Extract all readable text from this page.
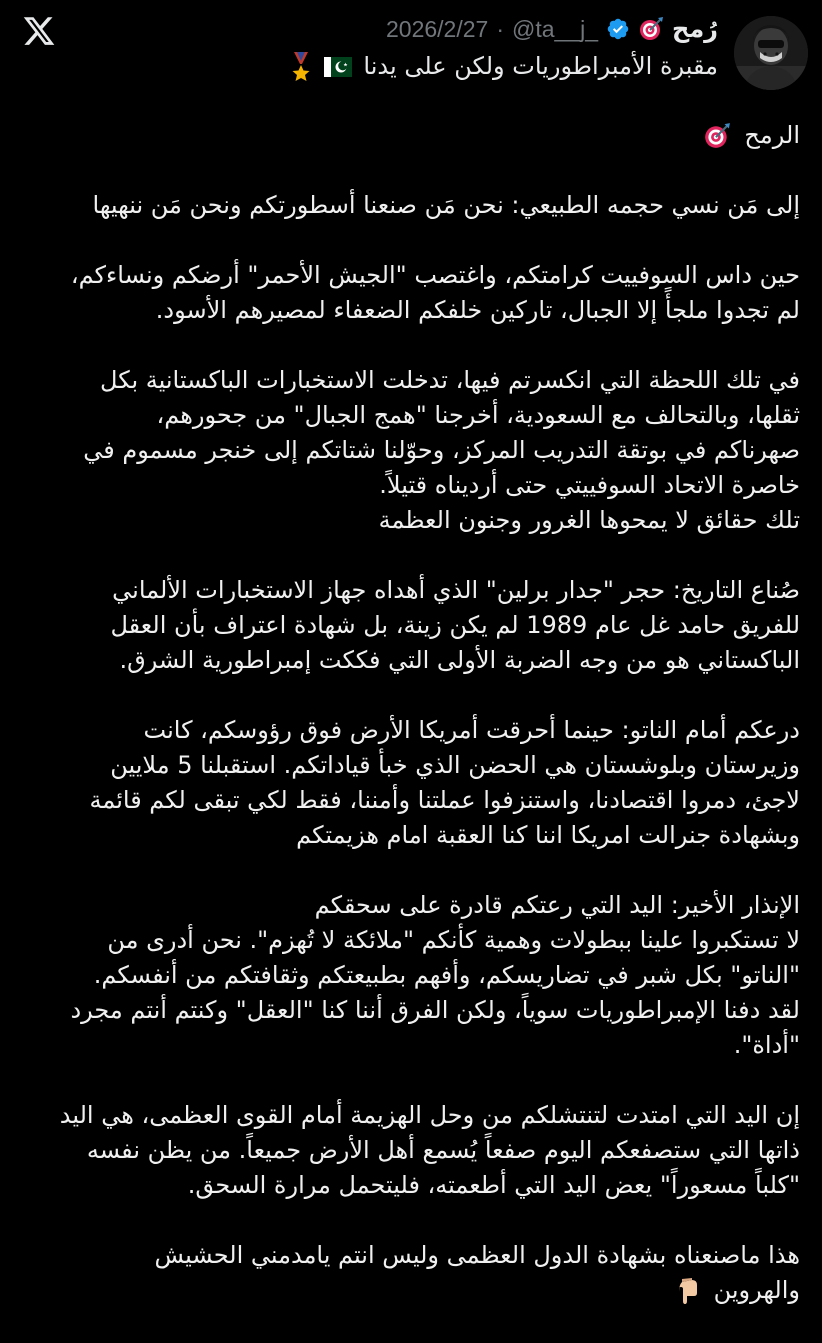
رُمح
@ta__j_
·
2026/2/27
مقبرة الأمبراطوريات ولكن على يدنا
الرمح
إلى مَن نسي حجمه الطبيعي: نحن مَن صنعنا أسطورتكم ونحن مَن ننهيها
حين داس السوفييت كرامتكم، واغتصب "الجيش الأحمر" أرضكم ونساءكم،
لم تجدوا ملجأً إلا الجبال، تاركين خلفكم الضعفاء لمصيرهم الأسود.
في تلك اللحظة التي انكسرتم فيها، تدخلت الاستخبارات الباكستانية بكل
ثقلها، وبالتحالف مع السعودية، أخرجنا "همج الجبال" من جحورهم،
صهرناكم في بوتقة التدريب المركز، وحوّلنا شتاتكم إلى خنجر مسموم في
خاصرة الاتحاد السوفييتي حتى أرديناه قتيلاً.
تلك حقائق لا يمحوها الغرور وجنون العظمة
صُناع التاريخ: حجر "جدار برلين" الذي أهداه جهاز الاستخبارات الألماني
للفريق حامد غل عام 1989 لم يكن زينة، بل شهادة اعتراف بأن العقل
الباكستاني هو من وجه الضربة الأولى التي فككت إمبراطورية الشرق.
درعكم أمام الناتو: حينما أحرقت أمريكا الأرض فوق رؤوسكم، كانت
وزيرستان وبلوشستان هي الحضن الذي خبأ قياداتكم. استقبلنا 5 ملايين
لاجئ، دمروا اقتصادنا، واستنزفوا عملتنا وأمننا، فقط لكي تبقى لكم قائمة
وبشهادة جنرالت امريكا اننا كنا العقبة امام هزيمتكم
الإنذار الأخير: اليد التي رعتكم قادرة على سحقكم
لا تستكبروا علينا ببطولات وهمية كأنكم "ملائكة لا تُهزم". نحن أدرى من
"الناتو" بكل شبر في تضاريسكم، وأفهم بطبيعتكم وثقافتكم من أنفسكم.
لقد دفنا الإمبراطوريات سوياً، ولكن الفرق أننا كنا "العقل" وكنتم أنتم مجرد
"أداة".
إن اليد التي امتدت لتنتشلكم من وحل الهزيمة أمام القوى العظمى، هي اليد
ذاتها التي ستصفعكم اليوم صفعاً يُسمع أهل الأرض جميعاً. من يظن نفسه
"كلباً مسعوراً" يعض اليد التي أطعمته، فليتحمل مرارة السحق.
هذا ماصنعناه بشهادة الدول العظمى وليس انتم يامدمني الحشيش
والهروين
